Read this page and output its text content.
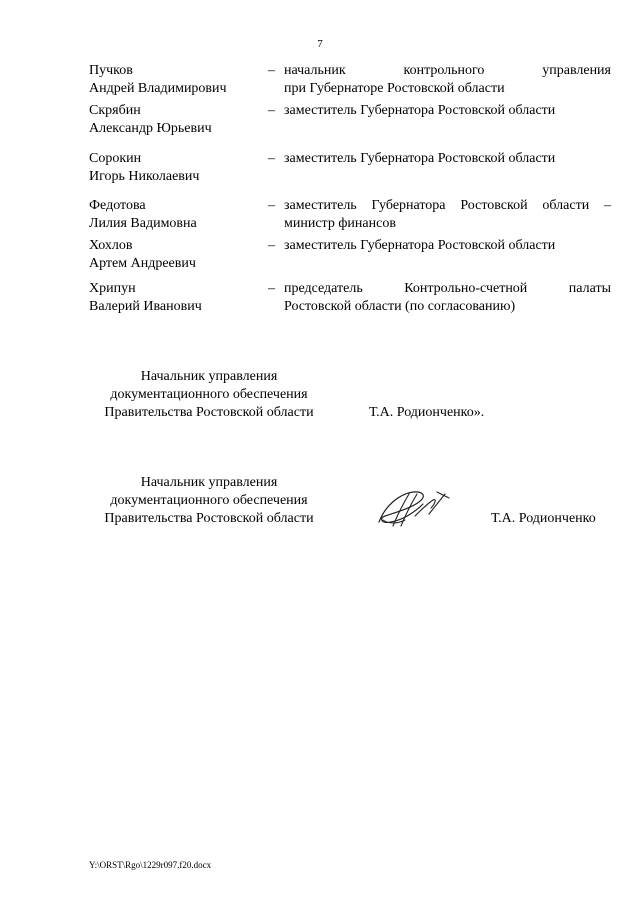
7
Пучков
Андрей Владимирович
– начальник контрольного управления
при Губернаторе Ростовской области
Скрябин
Александр Юрьевич
– заместитель Губернатора Ростовской области
Сорокин
Игорь Николаевич
– заместитель Губернатора Ростовской области
Федотова
Лилия Вадимовна
– заместитель Губернатора Ростовской области –
министр финансов
Хохлов
Артем Андреевич
– заместитель Губернатора Ростовской области
Хрипун
Валерий Иванович
– председатель Контрольно-счетной палаты
Ростовской области (по согласованию)
Начальник управления
документационного обеспечения
Правительства Ростовской области	Т.А. Родионченко».
Начальник управления
документационного обеспечения
Правительства Ростовской области	Т.А. Родионченко
Y:\ORST\Rgo\1229r097.f20.docx
